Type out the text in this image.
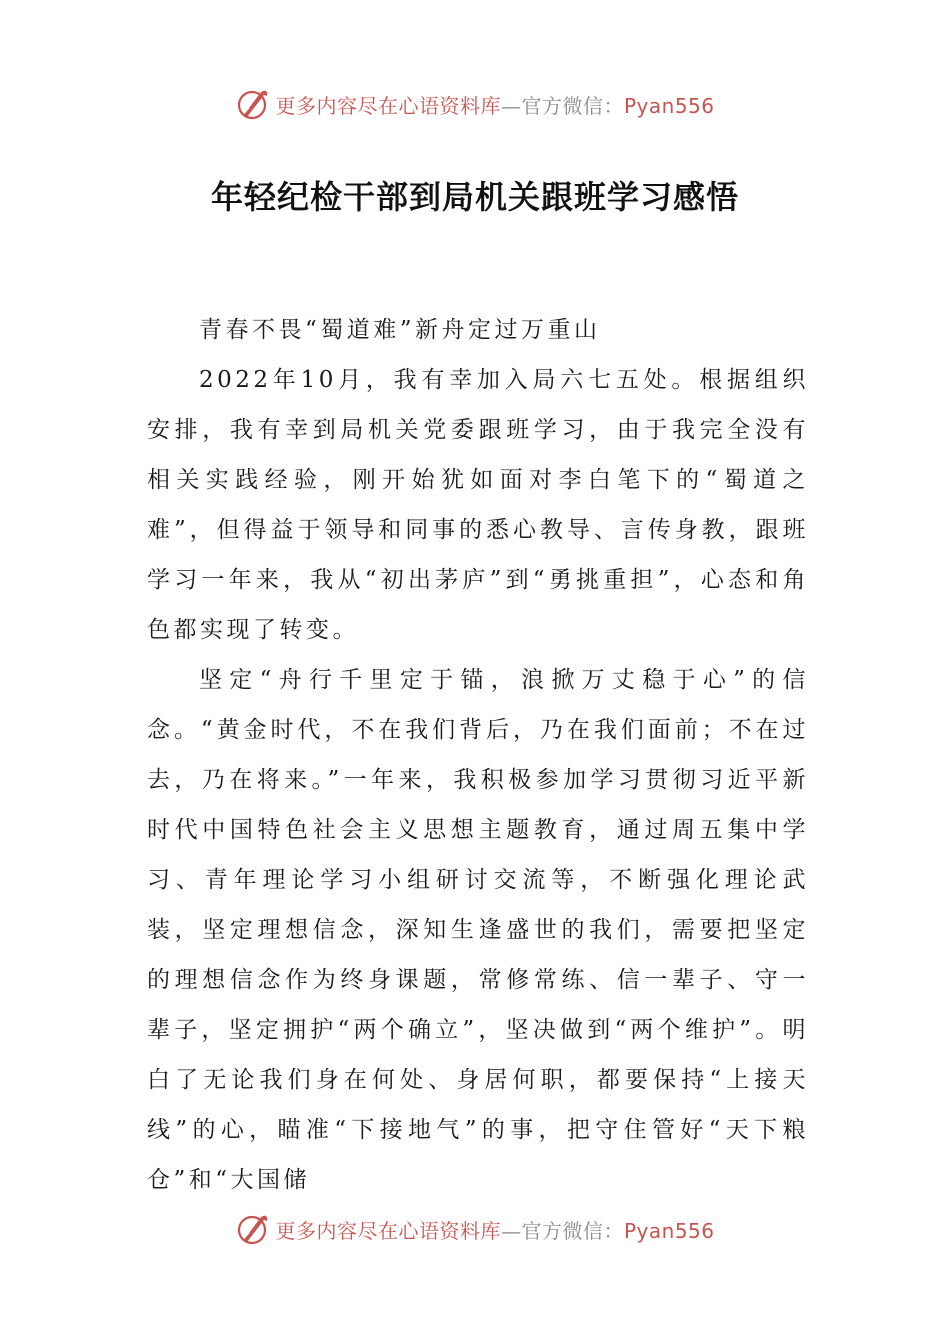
更多内容尽在心语资料库—官方微信：Pyan556
年轻纪检干部到局机关跟班学习感悟

青春不畏“蜀道难”新舟定过万重山

2022年10月，我有幸加入局六七五处。根据组织安排，我有幸到局机关党委跟班学习，由于我完全没有相关实践经验，刚开始犹如面对李白笔下的“蜀道之难”，但得益于领导和同事的悉心教导、言传身教，跟班学习一年来，我从“初出茅庐”到“勇挑重担”，心态和角色都实现了转变。

坚定“舟行千里定于锚，浪掀万丈稳于心”的信念。“黄金时代，不在我们背后，乃在我们面前；不在过去，乃在将来。”一年来，我积极参加学习贯彻习近平新时代中国特色社会主义思想主题教育，通过周五集中学习、青年理论学习小组研讨交流等，不断强化理论武装，坚定理想信念，深知生逢盛世的我们，需要把坚定的理想信念作为终身课题，常修常练、信一辈子、守一辈子，坚定拥护“两个确立”，坚决做到“两个维护”。明白了无论我们身在何处、身居何职，都要保持“上接天线”的心，瞄准“下接地气”的事，把守住管好“天下粮仓”和“大国储

更多内容尽在心语资料库—官方微信：Pyan556
